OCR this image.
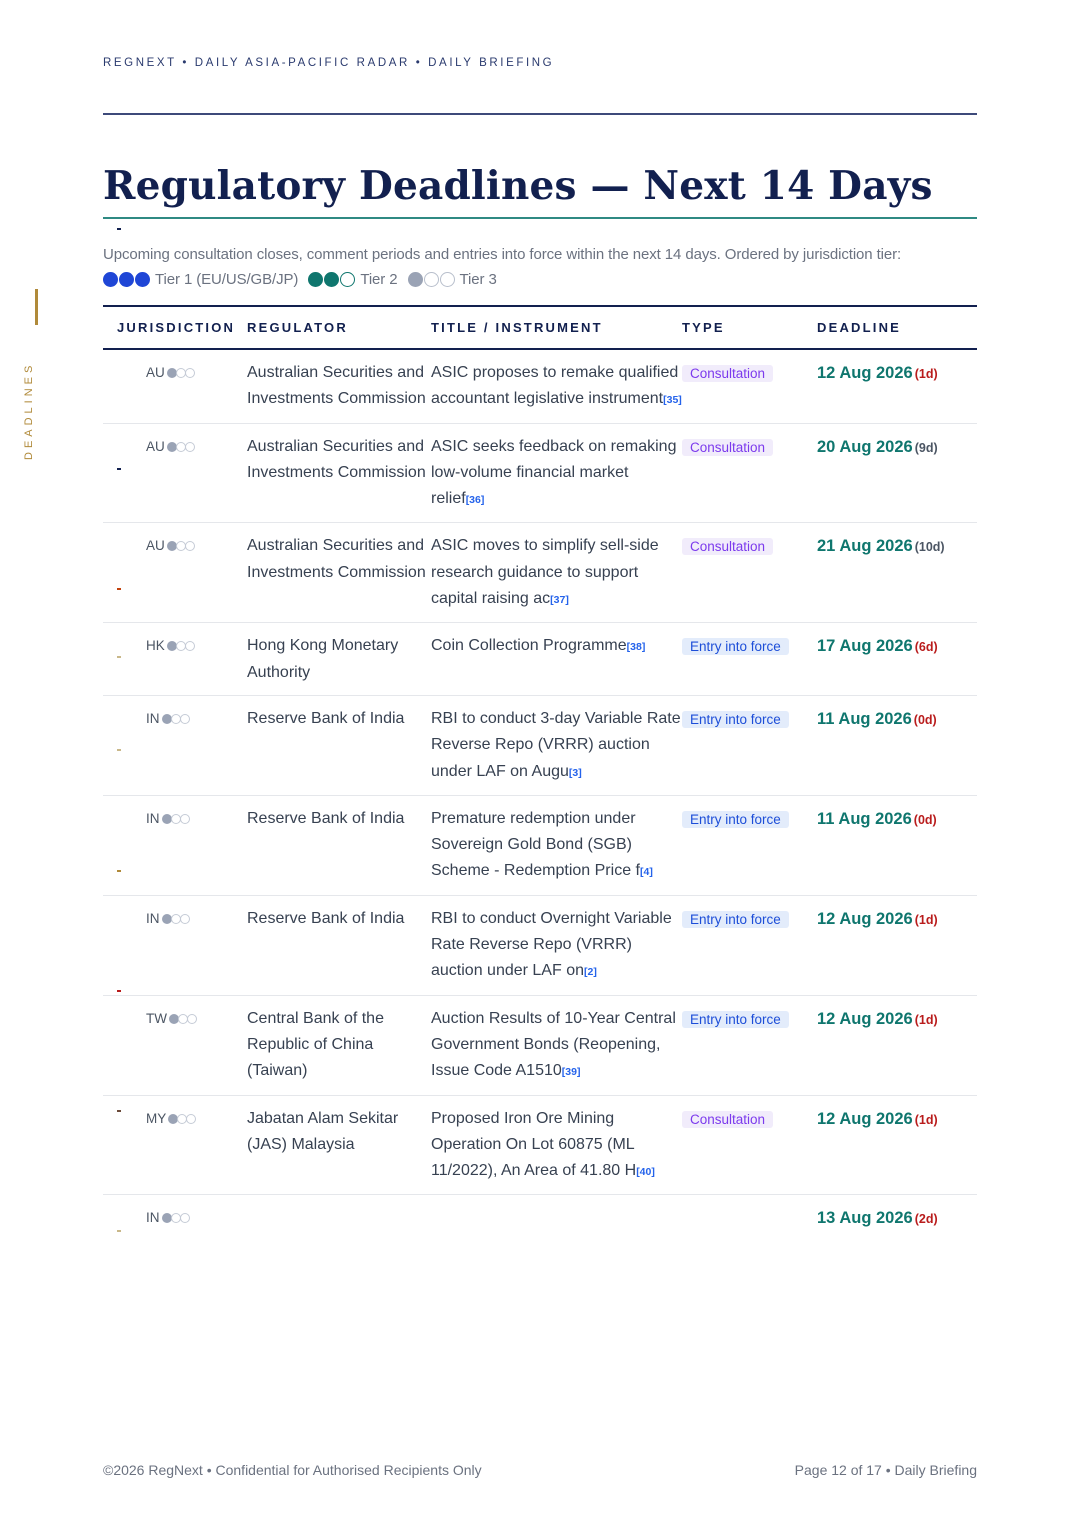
REGNEXT • DAILY ASIA-PACIFIC RADAR • DAILY BRIEFING
DEADLINES
Regulatory Deadlines — Next 14 Days
Upcoming consultation closes, comment periods and entries into force within the next 14 days. Ordered by jurisdiction tier:
Tier 1 (EU/US/GB/JP)	Tier 2	Tier 3
JURISDICTION	REGULATOR	TITLE / INSTRUMENT	TYPE	DEADLINE

AU	Australian Securities and Investments Commission	ASIC proposes to remake qualified accountant legislative instrument[35]	Consultation	12 Aug 2026 (1d)

AU	Australian Securities and Investments Commission	ASIC seeks feedback on remaking low-volume financial market relief[36]	Consultation	20 Aug 2026 (9d)

AU	Australian Securities and Investments Commission	ASIC moves to simplify sell-side research guidance to support capital raising ac[37]	Consultation	21 Aug 2026 (10d)

HK	Hong Kong Monetary Authority	Coin Collection Programme[38]	Entry into force	17 Aug 2026 (6d)

IN	Reserve Bank of India	RBI to conduct 3-day Variable Rate Reverse Repo (VRRR) auction under LAF on Augu[3]	Entry into force	11 Aug 2026 (0d)

IN	Reserve Bank of India	Premature redemption under Sovereign Gold Bond (SGB) Scheme - Redemption Price f[4]	Entry into force	11 Aug 2026 (0d)

IN	Reserve Bank of India	RBI to conduct Overnight Variable Rate Reverse Repo (VRRR) auction under LAF on[2]	Entry into force	12 Aug 2026 (1d)

TW	Central Bank of the Republic of China (Taiwan)	Auction Results of 10-Year Central Government Bonds (Reopening, Issue Code A1510[39]	Entry into force	12 Aug 2026 (1d)

MY	Jabatan Alam Sekitar (JAS) Malaysia	Proposed Iron Ore Mining Operation On Lot 60875 (ML 11/2022), An Area of 41.80 H[40]	Consultation	12 Aug 2026 (1d)

IN				13 Aug 2026 (2d)
©2026 RegNext • Confidential for Authorised Recipients Only	Page 12 of 17 • Daily Briefing
